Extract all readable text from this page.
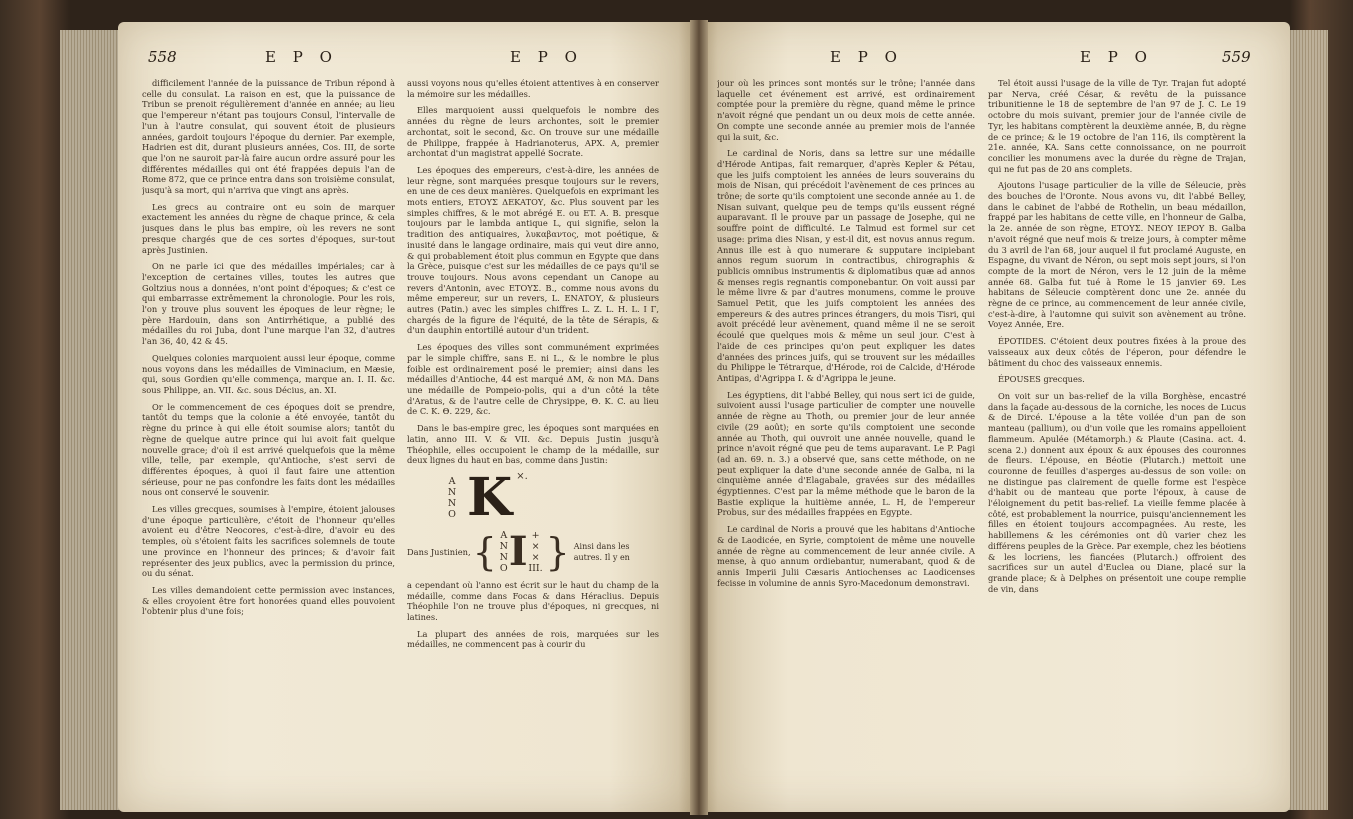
558	E P O	E P O	E P O	E P O	559

difficilement l'année de la puissance de Tribun répond à celle du consulat. La raison en est, que la puissance de Tribun se prenoit régulièrement d'année en année; au lieu que l'empereur n'étant pas toujours Consul, l'intervalle de l'un à l'autre consulat, qui souvent étoit de plusieurs années, gardoit toujours l'époque du dernier. Par exemple, Hadrien est dit, durant plusieurs années, Cos. III, de sorte que l'on ne sauroit par-là faire aucun ordre assuré pour les différentes médailles qui ont été frappées depuis l'an de Rome 872, que ce prince entra dans son troisième consulat, jusqu'à sa mort, qui n'arriva que vingt ans après.

Les grecs au contraire ont eu soin de marquer exactement les années du règne de chaque prince, & cela jusques dans le plus bas empire, où les revers ne sont presque chargés que de ces sortes d'époques, sur-tout après Justinien.

On ne parle ici que des médailles impériales; car à l'exception de certaines villes, toutes les autres que Goltzius nous a données, n'ont point d'époques; & c'est ce qui embarrasse extrêmement la chronologie. Pour les rois, l'on y trouve plus souvent les époques de leur règne; le père Hardouin, dans son Antirrhétique, a publié des médailles du roi Juba, dont l'une marque l'an 32, d'autres l'an 36, 40, 42 & 45.

Quelques colonies marquoient aussi leur époque, comme nous voyons dans les médailles de Viminacium, en Mæsie, qui, sous Gordien qu'elle commença, marque an. I. II. &c. sous Philippe, an. VII. &c. sous Décius, an. XI.

Or le commencement de ces époques doit se prendre, tantôt du temps que la colonie a été envoyée, tantôt du règne du prince à qui elle étoit soumise alors; tantôt du règne de quelque autre prince qui lui avoit fait quelque nouvelle grace; d'où il est arrivé quelquefois que la même ville, telle, par exemple, qu'Antioche, s'est servi de différentes époques, à quoi il faut faire une attention sérieuse, pour ne pas confondre les faits dont les médailles nous ont conservé le souvenir.

Les villes grecques, soumises à l'empire, étoient jalouses d'une époque particulière, c'étoit de l'honneur qu'elles avoient eu d'être Neocores, c'est-à-dire, d'avoir eu des temples, où s'étoient faits les sacrifices solemnels de toute une province en l'honneur des princes; & d'avoir fait représenter des jeux publics, avec la permission du prince, ou du sénat.

Les villes demandoient cette permission avec instances, & elles croyoient être fort honorées quand elles pouvoient l'obtenir plus d'une fois;

aussi voyons nous qu'elles étoient attentives à en conserver la mémoire sur les médailles.

Elles marquoient aussi quelquefois le nombre des années du règne de leurs archontes, soit le premier archontat, soit le second, &c. On trouve sur une médaille de Philippe, frappée à Hadrianoterus, APX. A, premier archontat d'un magistrat appellé Socrate.

Les époques des empereurs, c'est-à-dire, les années de leur règne, sont marquées presque toujours sur le revers, en une de ces deux manières. Quelquefois en exprimant les mots entiers, ETOΥΣ ΔEKATOΥ, &c. Plus souvent par les simples chiffres, & le mot abrégé E. ou ET. A. B. presque toujours par le lambda antique L, qui signifie, selon la tradition des antiquaires, λυκαβαντος, mot poétique, & inusité dans le langage ordinaire, mais qui veut dire anno, & qui probablement étoit plus commun en Egypte que dans la Grèce, puisque c'est sur les médailles de ce pays qu'il se trouve toujours. Nous avons cependant un Canope au revers d'Antonin, avec ETOΥΣ. B., comme nous avons du même empereur, sur un revers, L. ENATOΥ, & plusieurs autres (Patin.) avec les simples chiffres L. Z. L. H. L. I Γ, chargés de la figure de l'équité, de la tête de Sérapis, & d'un dauphin entortillé autour d'un trident.

Les époques des villes sont communément exprimées par le simple chiffre, sans E. ni L., & le nombre le plus foible est ordinairement posé le premier; ainsi dans les médailles d'Antioche, 44 est marqué ΔM, & non MΔ. Dans une médaille de Pompeio-polis, qui a d'un côté la tête d'Aratus, & de l'autre celle de Chrysippe, Θ. K. C. au lieu de C. K. Θ. 229, &c.

Dans le bas-empire grec, les époques sont marquées en latin, anno III. V. & VII. &c. Depuis Justin jusqu'à Théophile, elles occupoient le champ de la médaille, sur deux lignes du haut en bas, comme dans Justin:

A
N
N
O K ×.
Dans Justinien, { A
N
N
O I +
×
×
III. } Ainsi dans les
autres. Il y en

a cependant où l'anno est écrit sur le haut du champ de la médaille, comme dans Focas & dans Héraclius. Depuis Théophile l'on ne trouve plus d'époques, ni grecques, ni latines.

La plupart des années de rois, marquées sur les médailles, ne commencent pas à courir du

jour où les princes sont montés sur le trône; l'année dans laquelle cet événement est arrivé, est ordinairement comptée pour la première du règne, quand même le prince n'avoit régné que pendant un ou deux mois de cette année. On compte une seconde année au premier mois de l'année qui la suit, &c.

Le cardinal de Noris, dans sa lettre sur une médaille d'Hérode Antipas, fait remarquer, d'après Kepler & Pétau, que les juifs comptoient les années de leurs souverains du mois de Nisan, qui précédoit l'avènement de ces princes au trône; de sorte qu'ils comptoient une seconde année au 1. de Nisan suivant, quelque peu de temps qu'ils eussent régné auparavant. Il le prouve par un passage de Josephe, qui ne souffre point de difficulté. Le Talmud est formel sur cet usage: prima dies Nisan, y est-il dit, est novus annus regum. Annus ille est à quo numerare & supputare incipiebant annos regum suorum in contractibus, chirographis & publicis omnibus instrumentis & diplomatibus quæ ad annos & menses regis regnantis componebantur. On voit aussi par le même livre & par d'autres monumens, comme le prouve Samuel Petit, que les juifs comptoient les années des empereurs & des autres princes étrangers, du mois Tisri, qui avoit précédé leur avènement, quand même il ne se seroit écoulé que quelques mois & même un seul jour. C'est à l'aide de ces principes qu'on peut expliquer les dates d'années des princes juifs, qui se trouvent sur les médailles du Philippe le Tétrarque, d'Hérode, roi de Calcide, d'Hérode Antipas, d'Agrippa I. & d'Agrippa le jeune.

Les égyptiens, dit l'abbé Belley, qui nous sert ici de guide, suivoient aussi l'usage particulier de compter une nouvelle année de règne au Thoth, ou premier jour de leur année civile (29 août); en sorte qu'ils comptoient une seconde année au Thoth, qui ouvroit une année nouvelle, quand le prince n'avoit régné que peu de tems auparavant. Le P. Pagi (ad an. 69. n. 3.) a observé que, sans cette méthode, on ne peut expliquer la date d'une seconde année de Galba, ni la cinquième année d'Elagabale, gravées sur des médailles égyptiennes. C'est par la même méthode que le baron de la Bastie explique la huitième année, L. H, de l'empereur Probus, sur des médailles frappées en Egypte.

Le cardinal de Noris a prouvé que les habitans d'Antioche & de Laodicée, en Syrie, comptoient de même une nouvelle année de règne au commencement de leur année civile. A mense, à quo annum ordiebantur, numerabant, quod & de annis Imperii Julii Cæsaris Antiochenses ac Laodicenses fecisse in volumine de annis Syro-Macedonum demonstravi.

Tel étoit aussi l'usage de la ville de Tyr. Trajan fut adopté par Nerva, créé César, & revêtu de la puissance tribunitienne le 18 de septembre de l'an 97 de J. C. Le 19 octobre du mois suivant, premier jour de l'année civile de Tyr, les habitans comptèrent la deuxième année, B, du règne de ce prince; & le 19 octobre de l'an 116, ils comptèrent la 21e. année, KA. Sans cette connoissance, on ne pourroit concilier les monumens avec la durée du règne de Trajan, qui ne fut pas de 20 ans complets.

Ajoutons l'usage particulier de la ville de Séleucie, près des bouches de l'Oronte. Nous avons vu, dit l'abbé Belley, dans le cabinet de l'abbé de Rothelin, un beau médaillon, frappé par les habitans de cette ville, en l'honneur de Galba, la 2e. année de son règne, ETOΥΣ. NEOΥ IEPOΥ B. Galba n'avoit régné que neuf mois & treize jours, à compter même du 3 avril de l'an 68, jour auquel il fut proclamé Auguste, en Espagne, du vivant de Néron, ou sept mois sept jours, si l'on compte de la mort de Néron, vers le 12 juin de la même année 68. Galba fut tué à Rome le 15 janvier 69. Les habitans de Séleucie comptèrent donc une 2e. année du règne de ce prince, au commencement de leur année civile, c'est-à-dire, à l'automne qui suivit son avènement au trône. Voyez Année, Ere.

ÉPOTIDES. C'étoient deux poutres fixées à la proue des vaisseaux aux deux côtés de l'éperon, pour défendre le bâtiment du choc des vaisseaux ennemis.

ÉPOUSES grecques.

On voit sur un bas-relief de la villa Borghèse, encastré dans la façade au-dessous de la corniche, les noces de Lucus & de Dircé. L'épouse a la tête voilée d'un pan de son manteau (pallium), ou d'un voile que les romains appelloient flammeum. Apulée (Métamorph.) & Plaute (Casina. act. 4. scena 2.) donnent aux époux & aux épouses des couronnes de fleurs. L'épouse, en Béotie (Plutarch.) mettoit une couronne de feuilles d'asperges au-dessus de son voile: on ne distingue pas clairement de quelle forme est l'espèce d'habit ou de manteau que porte l'époux, à cause de l'éloignement du petit bas-relief. La vieille femme placée à côté, est probablement la nourrice, puisqu'anciennement les filles en étoient toujours accompagnées. Au reste, les habillemens & les cérémonies ont dû varier chez les différens peuples de la Grèce. Par exemple, chez les béotiens & les locriens, les fiancées (Plutarch.) offroient des sacrifices sur un autel d'Euclea ou Diane, placé sur la grande place; & à Delphes on présentoit une coupe remplie de vin, dans
